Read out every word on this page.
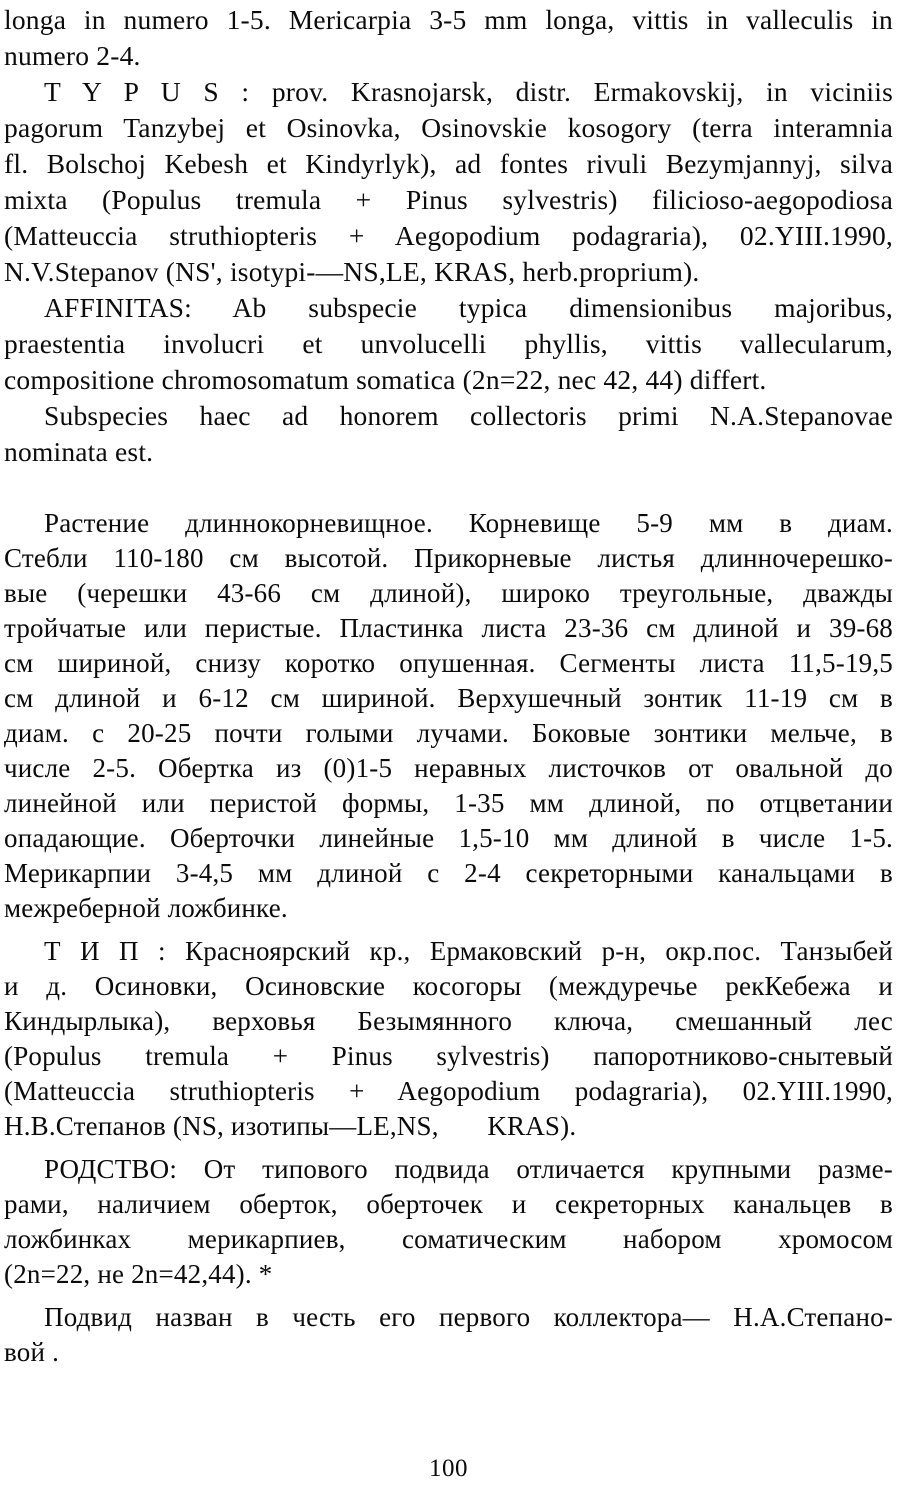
longa in numero 1-5. Mericarpia 3-5 mm longa, vittis in valleculis in
numero 2-4.
T Y P U S : prov. Krasnojarsk, distr. Ermakovskij, in viciniis
pagorum Tanzybej et Osinovka, Osinovskie kosogory (terra interamnia
fl. Bolschoj Kebesh et Kindyrlyk), ad fontes rivuli Bezymjannyj, silva
mixta (Populus tremula + Pinus sylvestris) filicioso-aegopodiosa
(Matteuccia struthiopteris + Aegopodium podagraria), 02.YIII.1990,
N.V.Stepanov (NS', isotypi-—NS,LE, KRAS, herb.proprium).
AFFINITAS: Ab subspecie typica dimensionibus majoribus,
praestentia involucri et unvolucelli phyllis, vittis vallecularum,
compositione chromosomatum somatica (2n=22, nec 42, 44) differt.
Subspecies haec ad honorem collectoris primi N.A.Stepanovae
nominata est.
Растение длиннокорневищное. Корневище 5-9 мм в диам.
Стебли 110-180 см высотой. Прикорневые листья длинночерешко-
вые (черешки 43-66 см длиной), широко треугольные, дважды
тройчатые или перистые. Пластинка листа 23-36 см длиной и 39-68
см шириной, снизу коротко опушенная. Сегменты листа 11,5-19,5
см длиной и 6-12 см шириной. Верхушечный зонтик 11-19 см в
диам. с 20-25 почти голыми лучами. Боковые зонтики мельче, в
числе 2-5. Обертка из (0)1-5 неравных листочков от овальной до
линейной или перистой формы, 1-35 мм длиной, по отцветании
опадающие. Оберточки линейные 1,5-10 мм длиной в числе 1-5.
Мерикарпии 3-4,5 мм длиной с 2-4 секреторными канальцами в
межреберной ложбинке.
Т И П : Красноярский кр., Ермаковский р-н, окр.пос. Танзыбей
и д. Осиновки, Осиновские косогоры (междуречье рекКебежа и
Киндырлыка), верховья Безымянного ключа, смешанный лес
(Populus tremula + Pinus sylvestris) папоротниково-снытевый
(Matteuccia struthiopteris + Aegopodium podagraria), 02.YIII.1990,
Н.В.Степанов (NS, изотипы—LE,NS,       KRAS).
РОДСТВО: От типового подвида отличается крупными разме-
рами, наличием оберток, оберточек и секреторных канальцев в
ложбинках мерикарпиев, соматическим набором хромосом
(2n=22, не 2n=42,44). *
Подвид назван в честь его первого коллектора— Н.А.Степано-
вой .
100
